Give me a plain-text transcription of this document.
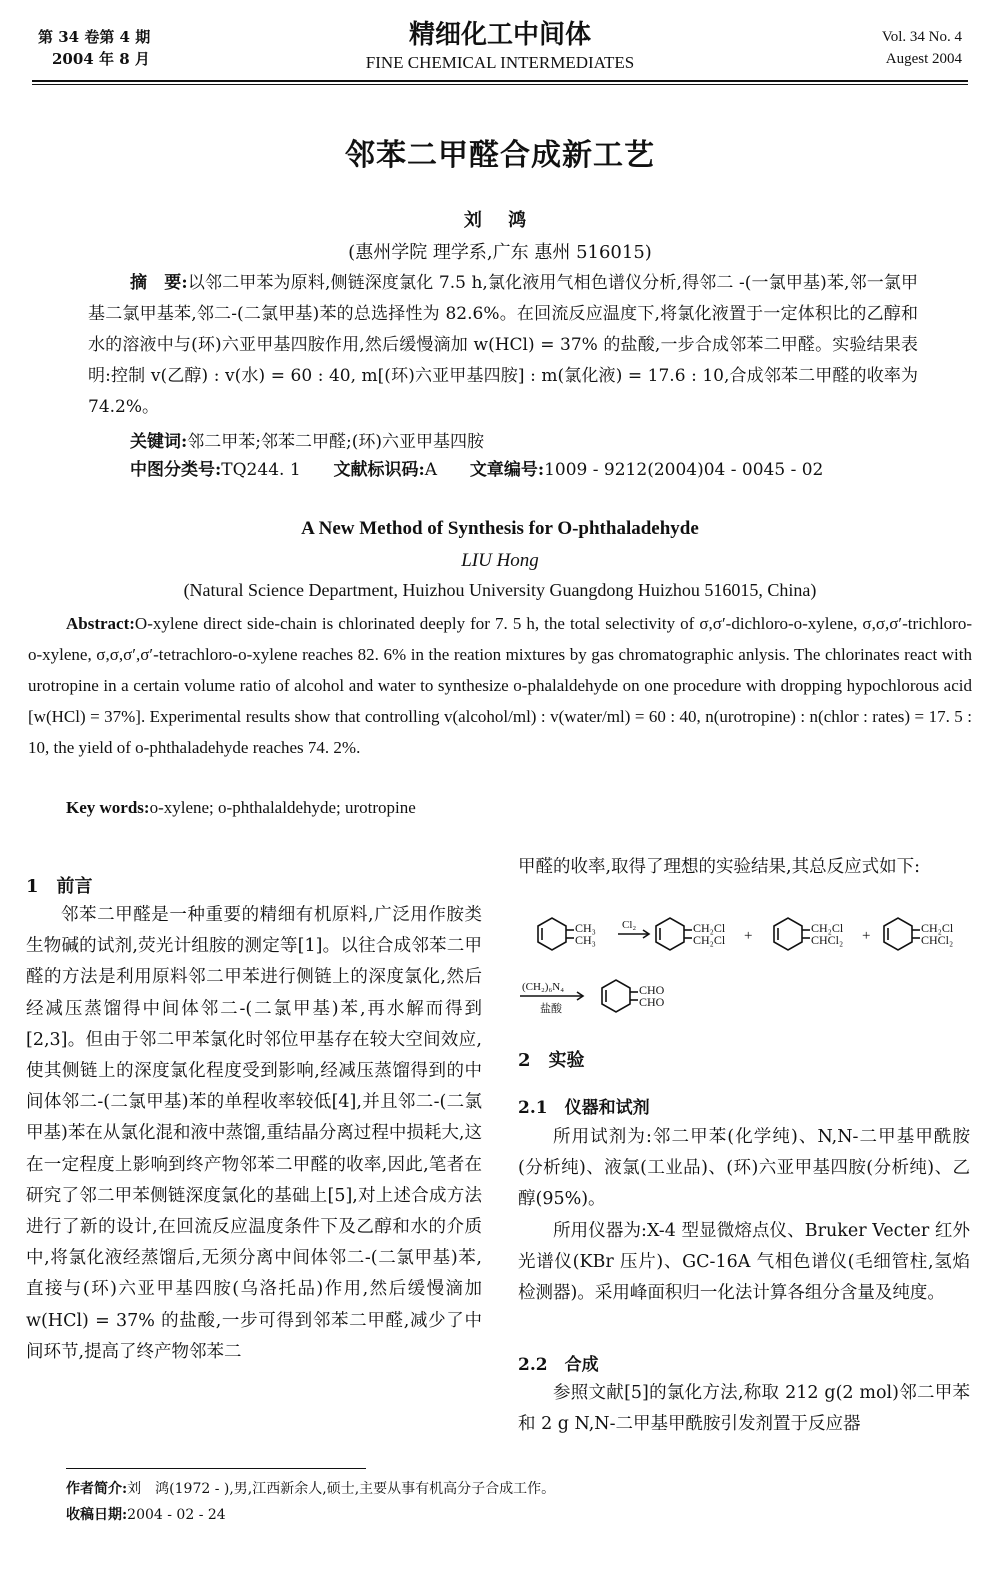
第 34 卷第 4 期
2004 年 8 月
精细化工中间体
FINE CHEMICAL INTERMEDIATES
Vol. 34 No. 4
Augest 2004
邻苯二甲醛合成新工艺
刘 鸿
(惠州学院 理学系,广东 惠州 516015)
摘　要:以邻二甲苯为原料,侧链深度氯化 7.5 h,氯化液用气相色谱仪分析,得邻二 -(一氯甲基)苯,邻一氯甲基二氯甲基苯,邻二-(二氯甲基)苯的总选择性为 82.6%。在回流反应温度下,将氯化液置于一定体积比的乙醇和水的溶液中与(环)六亚甲基四胺作用,然后缓慢滴加 w(HCl) = 37% 的盐酸,一步合成邻苯二甲醛。实验结果表明:控制 v(乙醇) : v(水) = 60 : 40, m[(环)六亚甲基四胺] : m(氯化液) = 17.6 : 10,合成邻苯二甲醛的收率为 74.2%。
关键词:邻二甲苯;邻苯二甲醛;(环)六亚甲基四胺
中图分类号:TQ244. 1 文献标识码:A 文章编号:1009 - 9212(2004)04 - 0045 - 02
A New Method of Synthesis for O-phthaladehyde
LIU Hong
(Natural Science Department, Huizhou University Guangdong Huizhou 516015, China)
Abstract:O-xylene direct side-chain is chlorinated deeply for 7. 5 h, the total selectivity of σ,σ′-dichloro-o-xylene, σ,σ,σ′-trichloro-o-xylene, σ,σ,σ′,σ′-tetrachloro-o-xylene reaches 82. 6% in the reation mixtures by gas chromatographic anlysis. The chlorinates react with urotropine in a certain volume ratio of alcohol and water to synthesize o-phalaldehyde on one procedure with dropping hypochlorous acid [w(HCl) = 37%]. Experimental results show that controlling v(alcohol/ml) : v(water/ml) = 60 : 40, n(urotropine) : n(chlor : rates) = 17. 5 : 10, the yield of o-phthaladehyde reaches 74. 2%.
Key words:o-xylene; o-phthalaldehyde; urotropine
1　前言

邻苯二甲醛是一种重要的精细有机原料,广泛用作胺类生物碱的试剂,荧光计组胺的测定等[1]。以往合成邻苯二甲醛的方法是利用原料邻二甲苯进行侧链上的深度氯化,然后经减压蒸馏得中间体邻二-(二氯甲基)苯,再水解而得到[2,3]。但由于邻二甲苯氯化时邻位甲基存在较大空间效应,使其侧链上的深度氯化程度受到影响,经减压蒸馏得到的中间体邻二-(二氯甲基)苯的单程收率较低[4],并且邻二-(二氯甲基)苯在从氯化混和液中蒸馏,重结晶分离过程中损耗大,这在一定程度上影响到终产物邻苯二甲醛的收率,因此,笔者在研究了邻二甲苯侧链深度氯化的基础上[5],对上述合成方法进行了新的设计,在回流反应温度条件下及乙醇和水的介质中,将氯化液经蒸馏后,无须分离中间体邻二-(二氯甲基)苯,直接与(环)六亚甲基四胺(乌洛托品)作用,然后缓慢滴加 w(HCl) = 37% 的盐酸,一步可得到邻苯二甲醛,减少了中间环节,提高了终产物邻苯二

甲醛的收率,取得了理想的实验结果,其总反应式如下:

CH₃
CH₃
Cl₂	CH₂Cl
CH₂Cl +	CH₂Cl
CHCl₂ +	CH₂Cl
CHCl₂
(CH₂)₆N₄
盐酸
CHO
CHO
2　实验
2.1　仪器和试剂

所用试剂为:邻二甲苯(化学纯)、N,N-二甲基甲酰胺(分析纯)、液氯(工业品)、(环)六亚甲基四胺(分析纯)、乙醇(95%)。

所用仪器为:X-4 型显微熔点仪、Bruker Vecter 红外光谱仪(KBr 压片)、GC-16A 气相色谱仪(毛细管柱,氢焰检测器)。采用峰面积归一化法计算各组分含量及纯度。

2.2　合成

参照文献[5]的氯化方法,称取 212 g(2 mol)邻二甲苯和 2 g N,N-二甲基甲酰胺引发剂置于反应器

作者简介:刘　鸿(1972 - ),男,江西新余人,硕士,主要从事有机高分子合成工作。
收稿日期:2004 - 02 - 24
